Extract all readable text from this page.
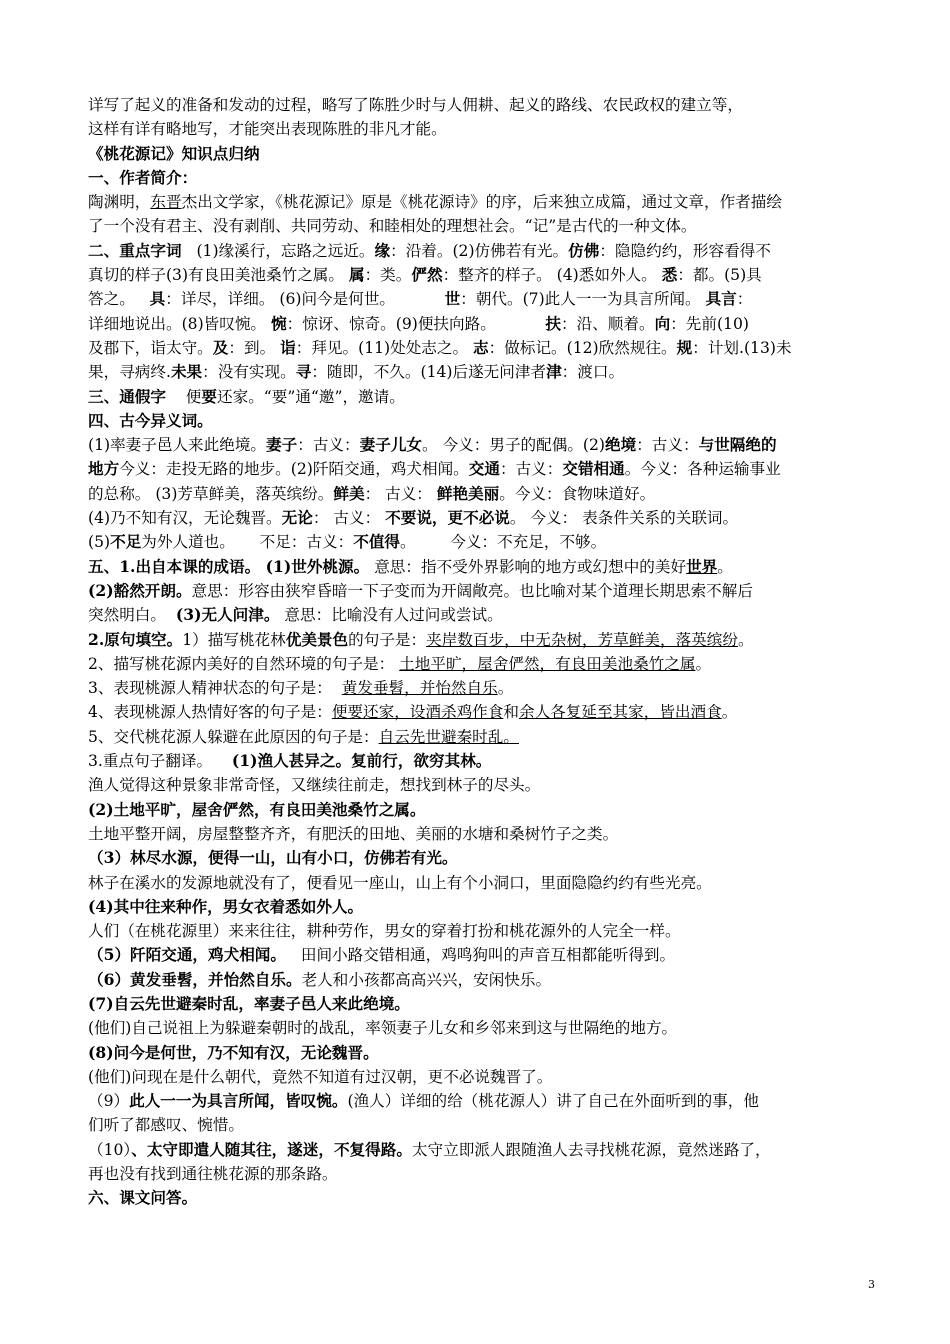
详写了起义的准备和发动的过程，略写了陈胜少时与人佣耕、起义的路线、农民政权的建立等，
这样有详有略地写，才能突出表现陈胜的非凡才能。
《桃花源记》知识点归纳
一、作者简介：
陶渊明，东晋杰出文学家，《桃花源记》原是《桃花源诗》的序，后来独立成篇，通过文章，作者描绘
了一个没有君主、没有剥削、共同劳动、和睦相处的理想社会。“记”是古代的一种文体。
二、重点字词   (1)缘溪行，忘路之远近。缘：沿着。(2)仿佛若有光。仿佛：隐隐约约，形容看得不
真切的样子(3)有良田美池桑竹之属。 属：类。俨然：整齐的样子。 (4)悉如外人。 悉：都。(5)具
答之。   具：详尽，详细。 (6)问今是何世。          世：朝代。(7)此人一一为具言所闻。 具言：
详细地说出。(8)皆叹惋。 惋：惊讶、惊奇。(9)便扶向路。          扶：沿、顺着。向：先前(10)
及郡下，诣太守。及：到。 诣：拜见。(11)处处志之。 志：做标记。(12)欣然规往。规：计划.(13)未
果，寻病终.未果：没有实现。寻：随即，不久。(14)后遂无问津者津：渡口。
三、通假字    便要还家。“要”通“邀”，邀请。
四、古今异义词。
(1)率妻子邑人来此绝境。妻子：古义：妻子儿女。 今义：男子的配偶。(2)绝境：古义：与世隔绝的
地方今义：走投无路的地步。(2)阡陌交通，鸡犬相闻。交通：古义：交错相通。今义：各种运输事业
的总称。 (3)芳草鲜美，落英缤纷。鲜美： 古义： 鲜艳美丽。今义：食物味道好。
(4)乃不知有汉，无论魏晋。无论： 古义： 不要说，更不必说。 今义： 表条件关系的关联词。
(5)不足为外人道也。     不足：古义：不值得。       今义：不充足，不够。
五、1.出自本课的成语。 (1)世外桃源。 意思：指不受外界影响的地方或幻想中的美好世界。
(2)豁然开朗。意思：形容由狭窄昏暗一下子变而为开阔敞亮。也比喻对某个道理长期思索不解后
突然明白。  (3)无人问津。 意思：比喻没有人过问或尝试。
2.原句填空。1）描写桃花林优美景色的句子是：夹岸数百步，中无杂树，芳草鲜美，落英缤纷。
2、描写桃花源内美好的自然环境的句子是： 土地平旷，屋舍俨然，有良田美池桑竹之属。
3、表现桃源人精神状态的句子是：  黄发垂髫，并怡然自乐。
4、表现桃源人热情好客的句子是：便要还家，设酒杀鸡作食和余人各复延至其家，皆出酒食。
5、交代桃花源人躲避在此原因的句子是：自云先世避秦时乱。
3.重点句子翻译。    (1)渔人甚异之。复前行，欲穷其林。
渔人觉得这种景象非常奇怪，又继续往前走，想找到林子的尽头。
(2)土地平旷，屋舍俨然，有良田美池桑竹之属。
土地平整开阔，房屋整整齐齐，有肥沃的田地、美丽的水塘和桑树竹子之类。
（3）林尽水源，便得一山，山有小口，仿佛若有光。
林子在溪水的发源地就没有了，便看见一座山，山上有个小洞口，里面隐隐约约有些光亮。
(4)其中往来种作，男女衣着悉如外人。
人们（在桃花源里）来来往往，耕种劳作，男女的穿着打扮和桃花源外的人完全一样。
（5）阡陌交通，鸡犬相闻。   田间小路交错相通，鸡鸣狗叫的声音互相都能听得到。
（6）黄发垂髫，并怡然自乐。老人和小孩都高高兴兴，安闲快乐。
(7)自云先世避秦时乱，率妻子邑人来此绝境。
(他们)自己说祖上为躲避秦朝时的战乱，率领妻子儿女和乡邻来到这与世隔绝的地方。
(8)问今是何世，乃不知有汉，无论魏晋。
(他们)问现在是什么朝代，竟然不知道有过汉朝，更不必说魏晋了。
（9）此人一一为具言所闻，皆叹惋。(渔人）详细的给（桃花源人）讲了自己在外面听到的事，他
们听了都感叹、惋惜。
（10）、太守即遣人随其往，遂迷，不复得路。太守立即派人跟随渔人去寻找桃花源，竟然迷路了，
再也没有找到通往桃花源的那条路。
六、课文问答。
3
